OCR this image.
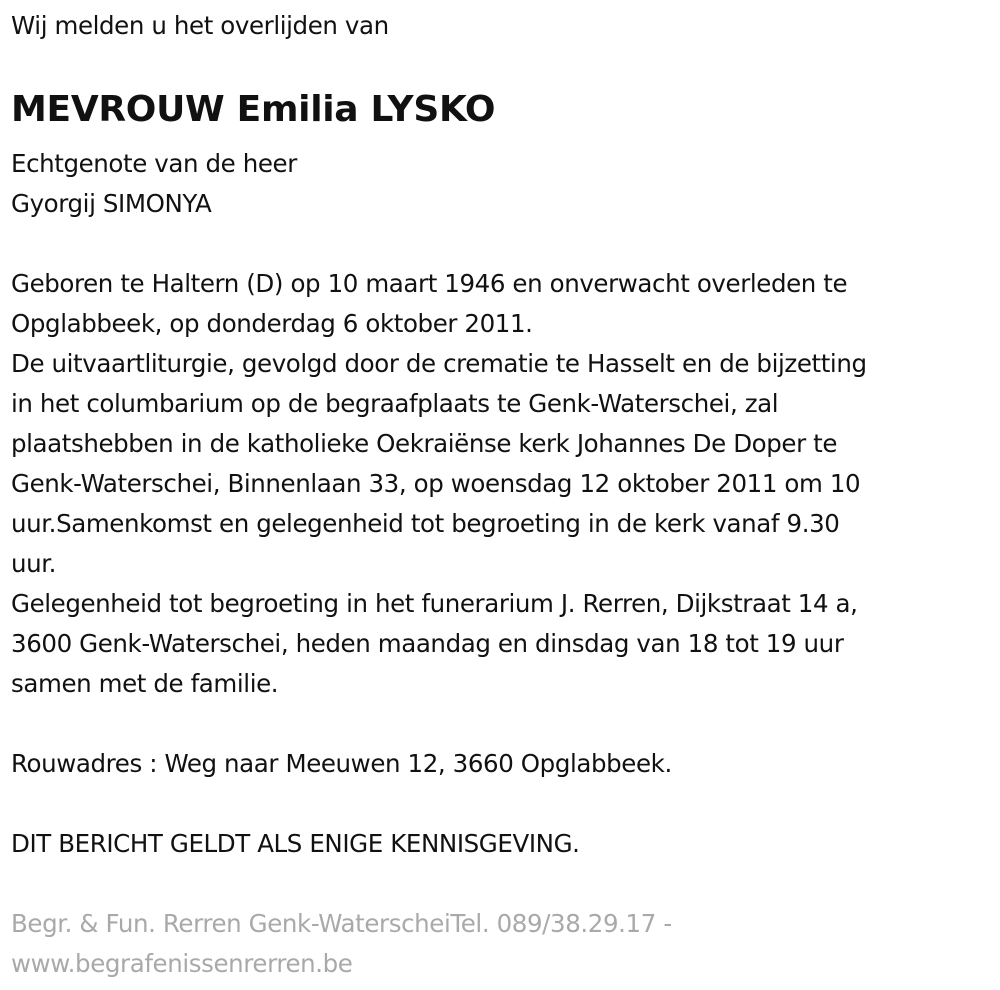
Wij melden u het overlijden van
MEVROUW Emilia LYSKO
Echtgenote van de heer
Gyorgij SIMONYA
Geboren te Haltern (D) op 10 maart 1946 en onverwacht overleden te
Opglabbeek, op donderdag 6 oktober 2011.
De uitvaartliturgie, gevolgd door de crematie te Hasselt en de bijzetting
in het columbarium op de begraafplaats te Genk-Waterschei, zal
plaatshebben in de katholieke Oekraiënse kerk Johannes De Doper te
Genk-Waterschei, Binnenlaan 33, op woensdag 12 oktober 2011 om 10
uur.Samenkomst en gelegenheid tot begroeting in de kerk vanaf 9.30
uur.
Gelegenheid tot begroeting in het funerarium J. Rerren, Dijkstraat 14 a,
3600 Genk-Waterschei, heden maandag en dinsdag van 18 tot 19 uur
samen met de familie.
Rouwadres : Weg naar Meeuwen 12, 3660 Opglabbeek.
DIT BERICHT GELDT ALS ENIGE KENNISGEVING.
Begr. & Fun. Rerren Genk-WaterscheiTel. 089/38.29.17 -
www.begrafenissenrerren.be
